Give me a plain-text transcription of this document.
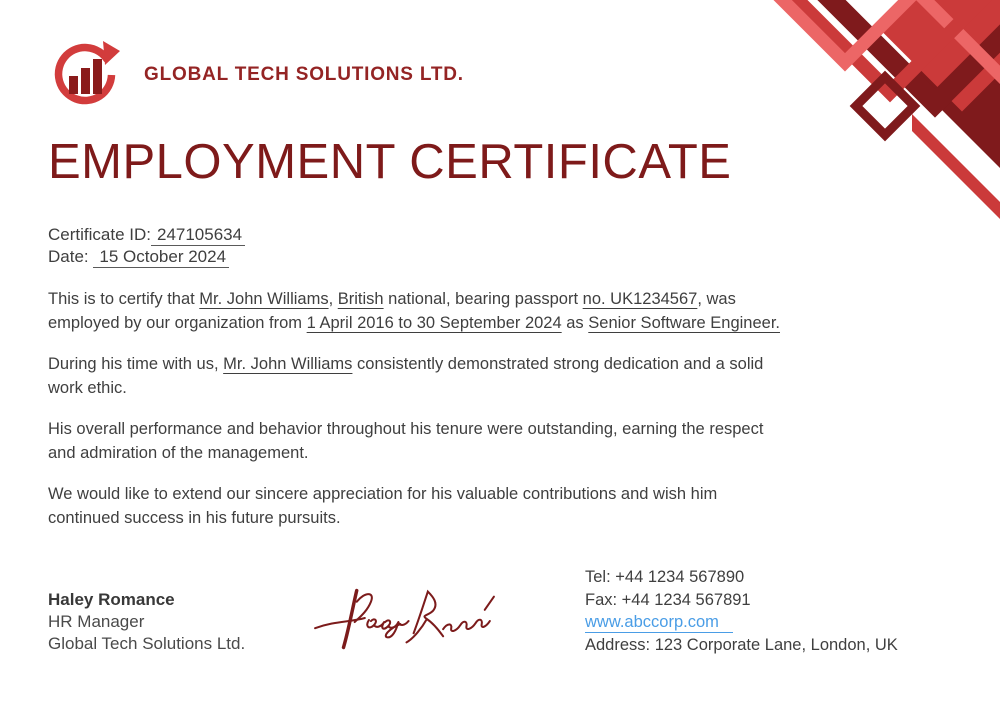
GLOBAL TECH SOLUTIONS LTD.
EMPLOYMENT CERTIFICATE
Certificate ID: 247105634
Date: 15 October 2024

This is to certify that Mr. John Williams, British national, bearing passport no. UK1234567, was
employed by our organization from 1 April 2016 to 30 September 2024 as Senior Software Engineer.

During his time with us, Mr. John Williams consistently demonstrated strong dedication and a solid
work ethic.

His overall performance and behavior throughout his tenure were outstanding, earning the respect
and admiration of the management.

We would like to extend our sincere appreciation for his valuable contributions and wish him
continued success in his future pursuits.

Haley Romance
HR Manager
Global Tech Solutions Ltd.
Tel: +44 1234 567890
Fax: +44 1234 567891
www.abccorp.com
Address: 123 Corporate Lane, London, UK
